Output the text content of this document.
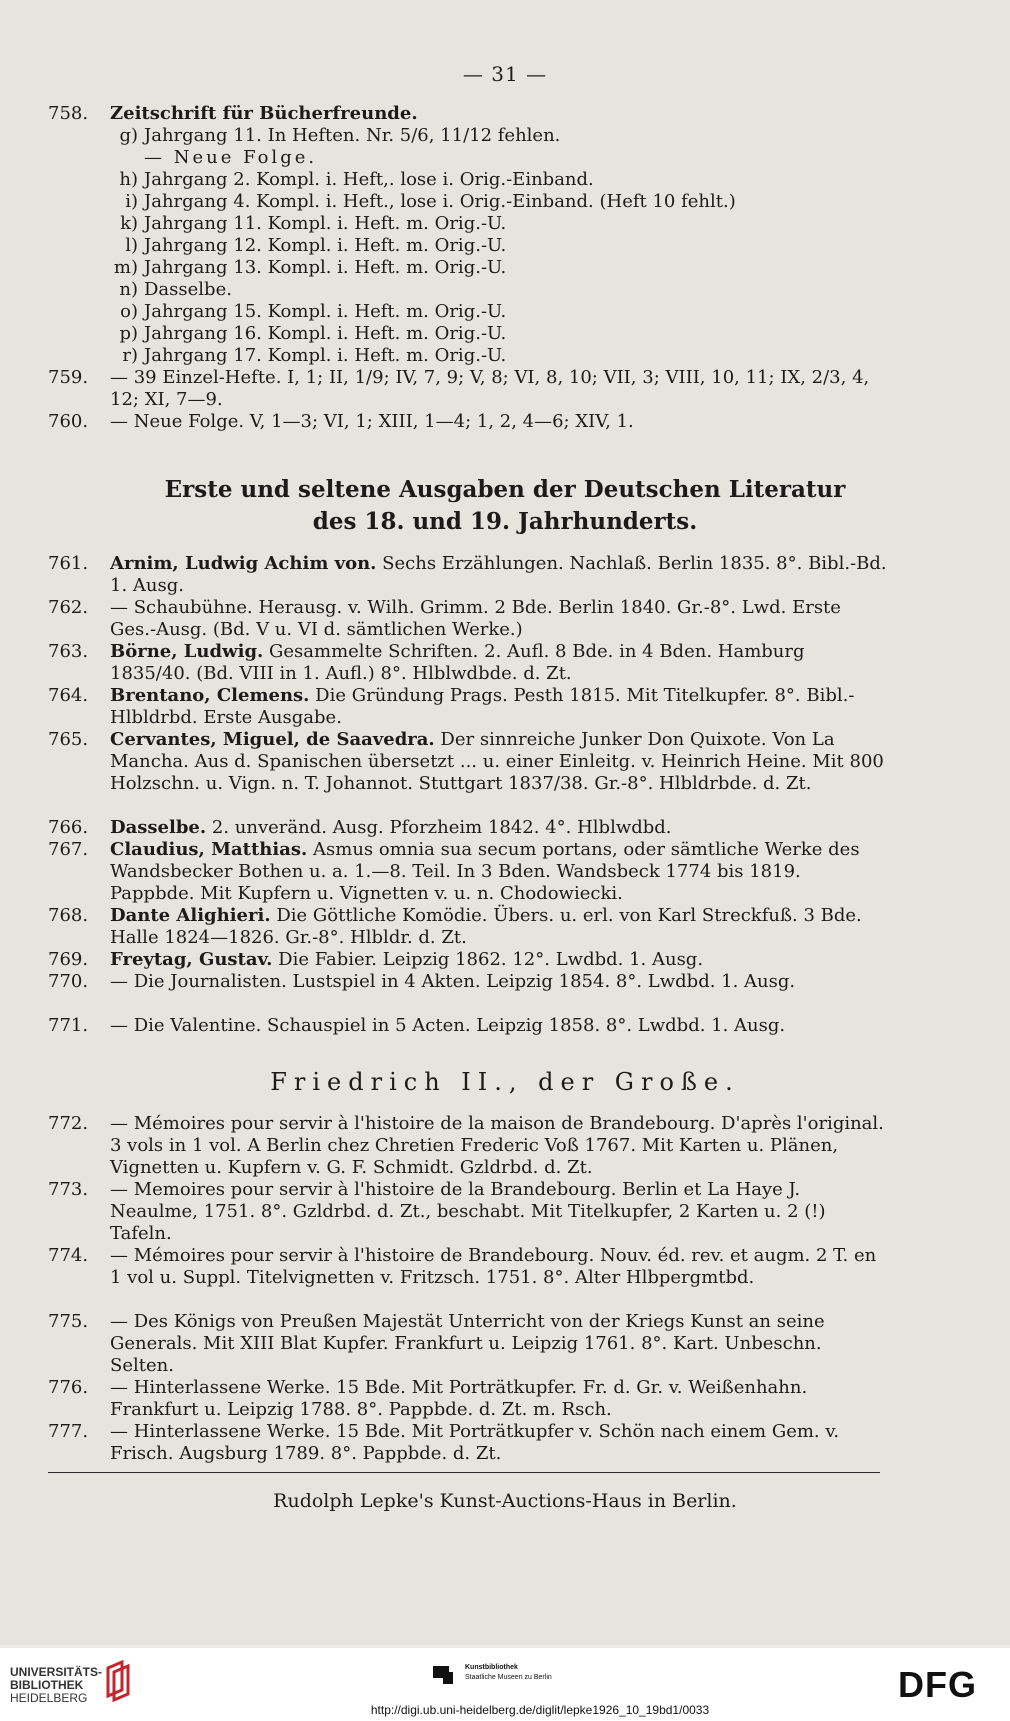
— 31 —
758.	Zeitschrift für Bücherfreunde.
g) Jahrgang 11. In Heften. Nr. 5/6, 11/12 fehlen.
— Neue Folge.
h) Jahrgang 2. Kompl. i. Heft,. lose i. Orig.-Einband.
i) Jahrgang 4. Kompl. i. Heft., lose i. Orig.-Einband. (Heft 10 fehlt.)
k) Jahrgang 11. Kompl. i. Heft. m. Orig.-U.
l) Jahrgang 12. Kompl. i. Heft. m. Orig.-U.
m) Jahrgang 13. Kompl. i. Heft. m. Orig.-U.
n) Dasselbe.
o) Jahrgang 15. Kompl. i. Heft. m. Orig.-U.
p) Jahrgang 16. Kompl. i. Heft. m. Orig.-U.
r) Jahrgang 17. Kompl. i. Heft. m. Orig.-U.
759.	— 39 Einzel-Hefte. I, 1; II, 1/9; IV, 7, 9; V, 8; VI, 8, 10; VII, 3; VIII, 10, 11; IX, 2/3, 4, 12; XI, 7—9.
760.	— Neue Folge. V, 1—3; VI, 1; XIII, 1—4; 1, 2, 4—6; XIV, 1.
Erste und seltene Ausgaben der Deutschen Literatur
des 18. und 19. Jahrhunderts.
761.	Arnim, Ludwig Achim von. Sechs Erzählungen. Nachlaß. Berlin 1835. 8°. Bibl.-Bd. 1. Ausg.
762.	— Schaubühne. Herausg. v. Wilh. Grimm. 2 Bde. Berlin 1840. Gr.-8°. Lwd. Erste Ges.-Ausg. (Bd. V u. VI d. sämtlichen Werke.)
763.	Börne, Ludwig. Gesammelte Schriften. 2. Aufl. 8 Bde. in 4 Bden. Hamburg 1835/40. (Bd. VIII in 1. Aufl.) 8°. Hlblwdbde. d. Zt.
764.	Brentano, Clemens. Die Gründung Prags. Pesth 1815. Mit Titelkupfer. 8°. Bibl.-Hlbldrbd. Erste Ausgabe.
765.	Cervantes, Miguel, de Saavedra. Der sinnreiche Junker Don Quixote. Von La Mancha. Aus d. Spanischen übersetzt ... u. einer Einleitg. v. Heinrich Heine. Mit 800 Holzschn. u. Vign. n. T. Johannot. Stuttgart 1837/38. Gr.-8°. Hlbldrbde. d. Zt.
766.	Dasselbe. 2. unveränd. Ausg. Pforzheim 1842. 4°. Hlblwdbd.
767.	Claudius, Matthias. Asmus omnia sua secum portans, oder sämtliche Werke des Wandsbecker Bothen u. a. 1.—8. Teil. In 3 Bden. Wandsbeck 1774 bis 1819. Pappbde. Mit Kupfern u. Vignetten v. u. n. Chodowiecki.
768.	Dante Alighieri. Die Göttliche Komödie. Übers. u. erl. von Karl Streckfuß. 3 Bde. Halle 1824—1826. Gr.-8°. Hlbldr. d. Zt.
769.	Freytag, Gustav. Die Fabier. Leipzig 1862. 12°. Lwdbd. 1. Ausg.
770.	— Die Journalisten. Lustspiel in 4 Akten. Leipzig 1854. 8°. Lwdbd. 1. Ausg.
771.	— Die Valentine. Schauspiel in 5 Acten. Leipzig 1858. 8°. Lwdbd. 1. Ausg.
Friedrich II., der Große.
772.	— Mémoires pour servir à l'histoire de la maison de Brandebourg. D'après l'original. 3 vols in 1 vol. A Berlin chez Chretien Frederic Voß 1767. Mit Karten u. Plänen, Vignetten u. Kupfern v. G. F. Schmidt. Gzldrbd. d. Zt.
773.	— Memoires pour servir à l'histoire de la Brandebourg. Berlin et La Haye J. Neaulme, 1751. 8°. Gzldrbd. d. Zt., beschabt. Mit Titelkupfer, 2 Karten u. 2 (!) Tafeln.
774.	— Mémoires pour servir à l'histoire de Brandebourg. Nouv. éd. rev. et augm. 2 T. en 1 vol u. Suppl. Titelvignetten v. Fritzsch. 1751. 8°. Alter Hlbpergmtbd.
775.	— Des Königs von Preußen Majestät Unterricht von der Kriegs Kunst an seine Generals. Mit XIII Blat Kupfer. Frankfurt u. Leipzig 1761. 8°. Kart. Unbeschn. Selten.
776.	— Hinterlassene Werke. 15 Bde. Mit Porträtkupfer. Fr. d. Gr. v. Weißenhahn. Frankfurt u. Leipzig 1788. 8°. Pappbde. d. Zt. m. Rsch.
777.	— Hinterlassene Werke. 15 Bde. Mit Porträtkupfer v. Schön nach einem Gem. v. Frisch. Augsburg 1789. 8°. Pappbde. d. Zt.
Rudolph Lepke's Kunst-Auctions-Haus in Berlin.
UNIVERSITÄTS-
BIBLIOTHEK
HEIDELBERG
Kunstbibliothek
Staatliche Museen zu Berlin	DFG
http://digi.ub.uni-heidelberg.de/diglit/lepke1926_10_19bd1/0033
